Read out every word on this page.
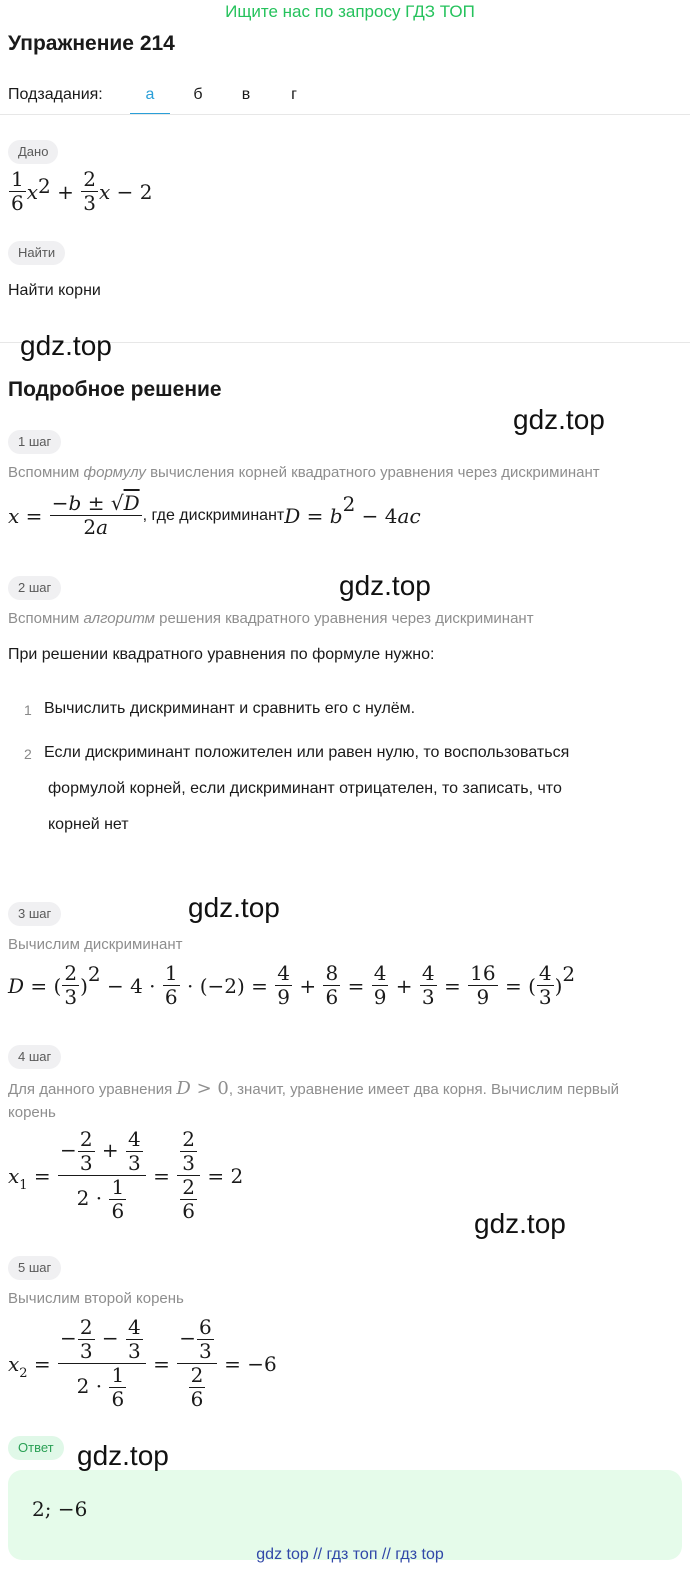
Ищите нас по запросу ГДЗ ТОП
Упражнение 214
Подзадания:	а	б	в	г
Дано
$\frac{1}{6}$ x $2 + \frac{2}{3}$ x − 2
Найти
Найти корни
gdz.top
Подробное решение
gdz.top
1 шаг
Вспомним формулу вычисления корней квадратного уравнения через дискриминант
$x = \frac{-b \pm √D}{2a}$ , где дискриминант D = b 2 − 4 ac
gdz.top
2 шаг
Вспомним алгоритм решения квадратного уравнения через дискриминант
При решении квадратного уравнения по формуле нужно:
1 Вычислить дискриминант и сравнить его с нулём.
2 Если дискриминант положителен или равен нулю, то воспользоваться
формулой корней, если дискриминант отрицателен, то записать, что
корней нет
3 шаг	gdz.top
Вычислим дискриминант
D = ( $\frac{2}{3}$ ) $2 - 4 \cdot \frac{1}{6} \cdot (-2) = \frac{4}{9} + \frac{8}{6} = \frac{4}{9} + \frac{4}{3} = \frac{16}{9}$ = ( $\frac{4}{3}$ ) 2
4 шаг
Для данного уравнения D > 0, значит, уравнение имеет два корня. Вычислим первый
корень
$x_1 = \frac{- \frac{2}{3} + \frac{4}{3}}{2 \cdot \frac{1}{6}} = \frac{\frac{2}{3}}{\frac{2}{6}} = 2$
gdz.top
5 шаг
Вычислим второй корень
$x_2 = \frac{- \frac{2}{3} - \frac{4}{3}}{2 \cdot \frac{1}{6}} = \frac{- \frac{6}{3}}{\frac{2}{6}} = -6$
Ответ gdz.top
2; −6
gdz top // гдз топ // гдз top
